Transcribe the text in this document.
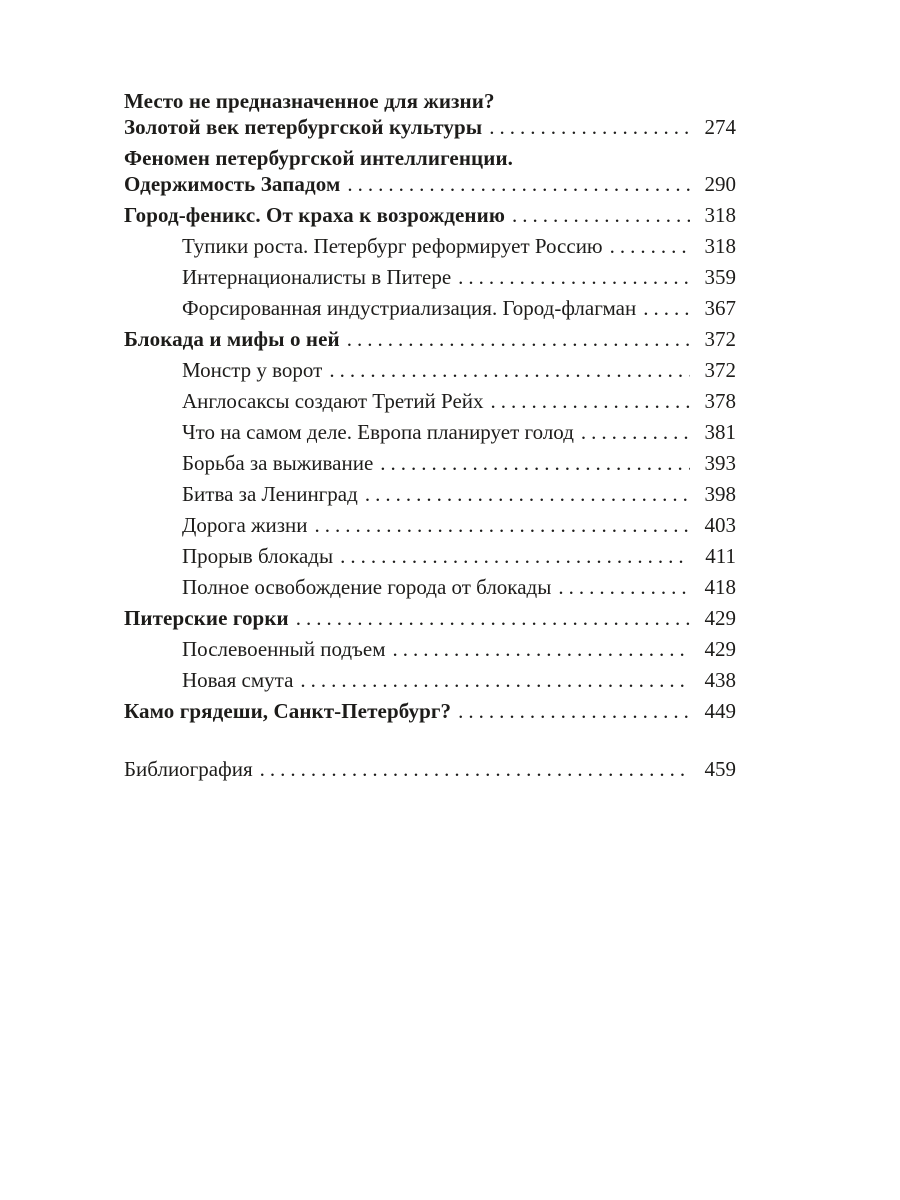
Место не предназначенное для жизни?
Золотой век петербургской культуры .....	274
Феномен петербургской интеллигенции.
Одержимость Западом .....	290
Город-феникс. От краха к возрождению .....	318
Тупики роста. Петербург реформирует Россию .....	318
Интернационалисты в Питере .....	359
Форсированная индустриализация. Город-флагман .....	367
Блокада и мифы о ней .....	372
Монстр у ворот .....	372
Англосаксы создают Третий Рейх .....	378
Что на самом деле. Европа планирует голод .....	381
Борьба за выживание .....	393
Битва за Ленинград .....	398
Дорога жизни .....	403
Прорыв блокады .....	411
Полное освобождение города от блокады .....	418
Питерские горки .....	429
Послевоенный подъем .....	429
Новая смута .....	438
Камо грядеши, Санкт-Петербург? .....	449
Библиография .....	459
